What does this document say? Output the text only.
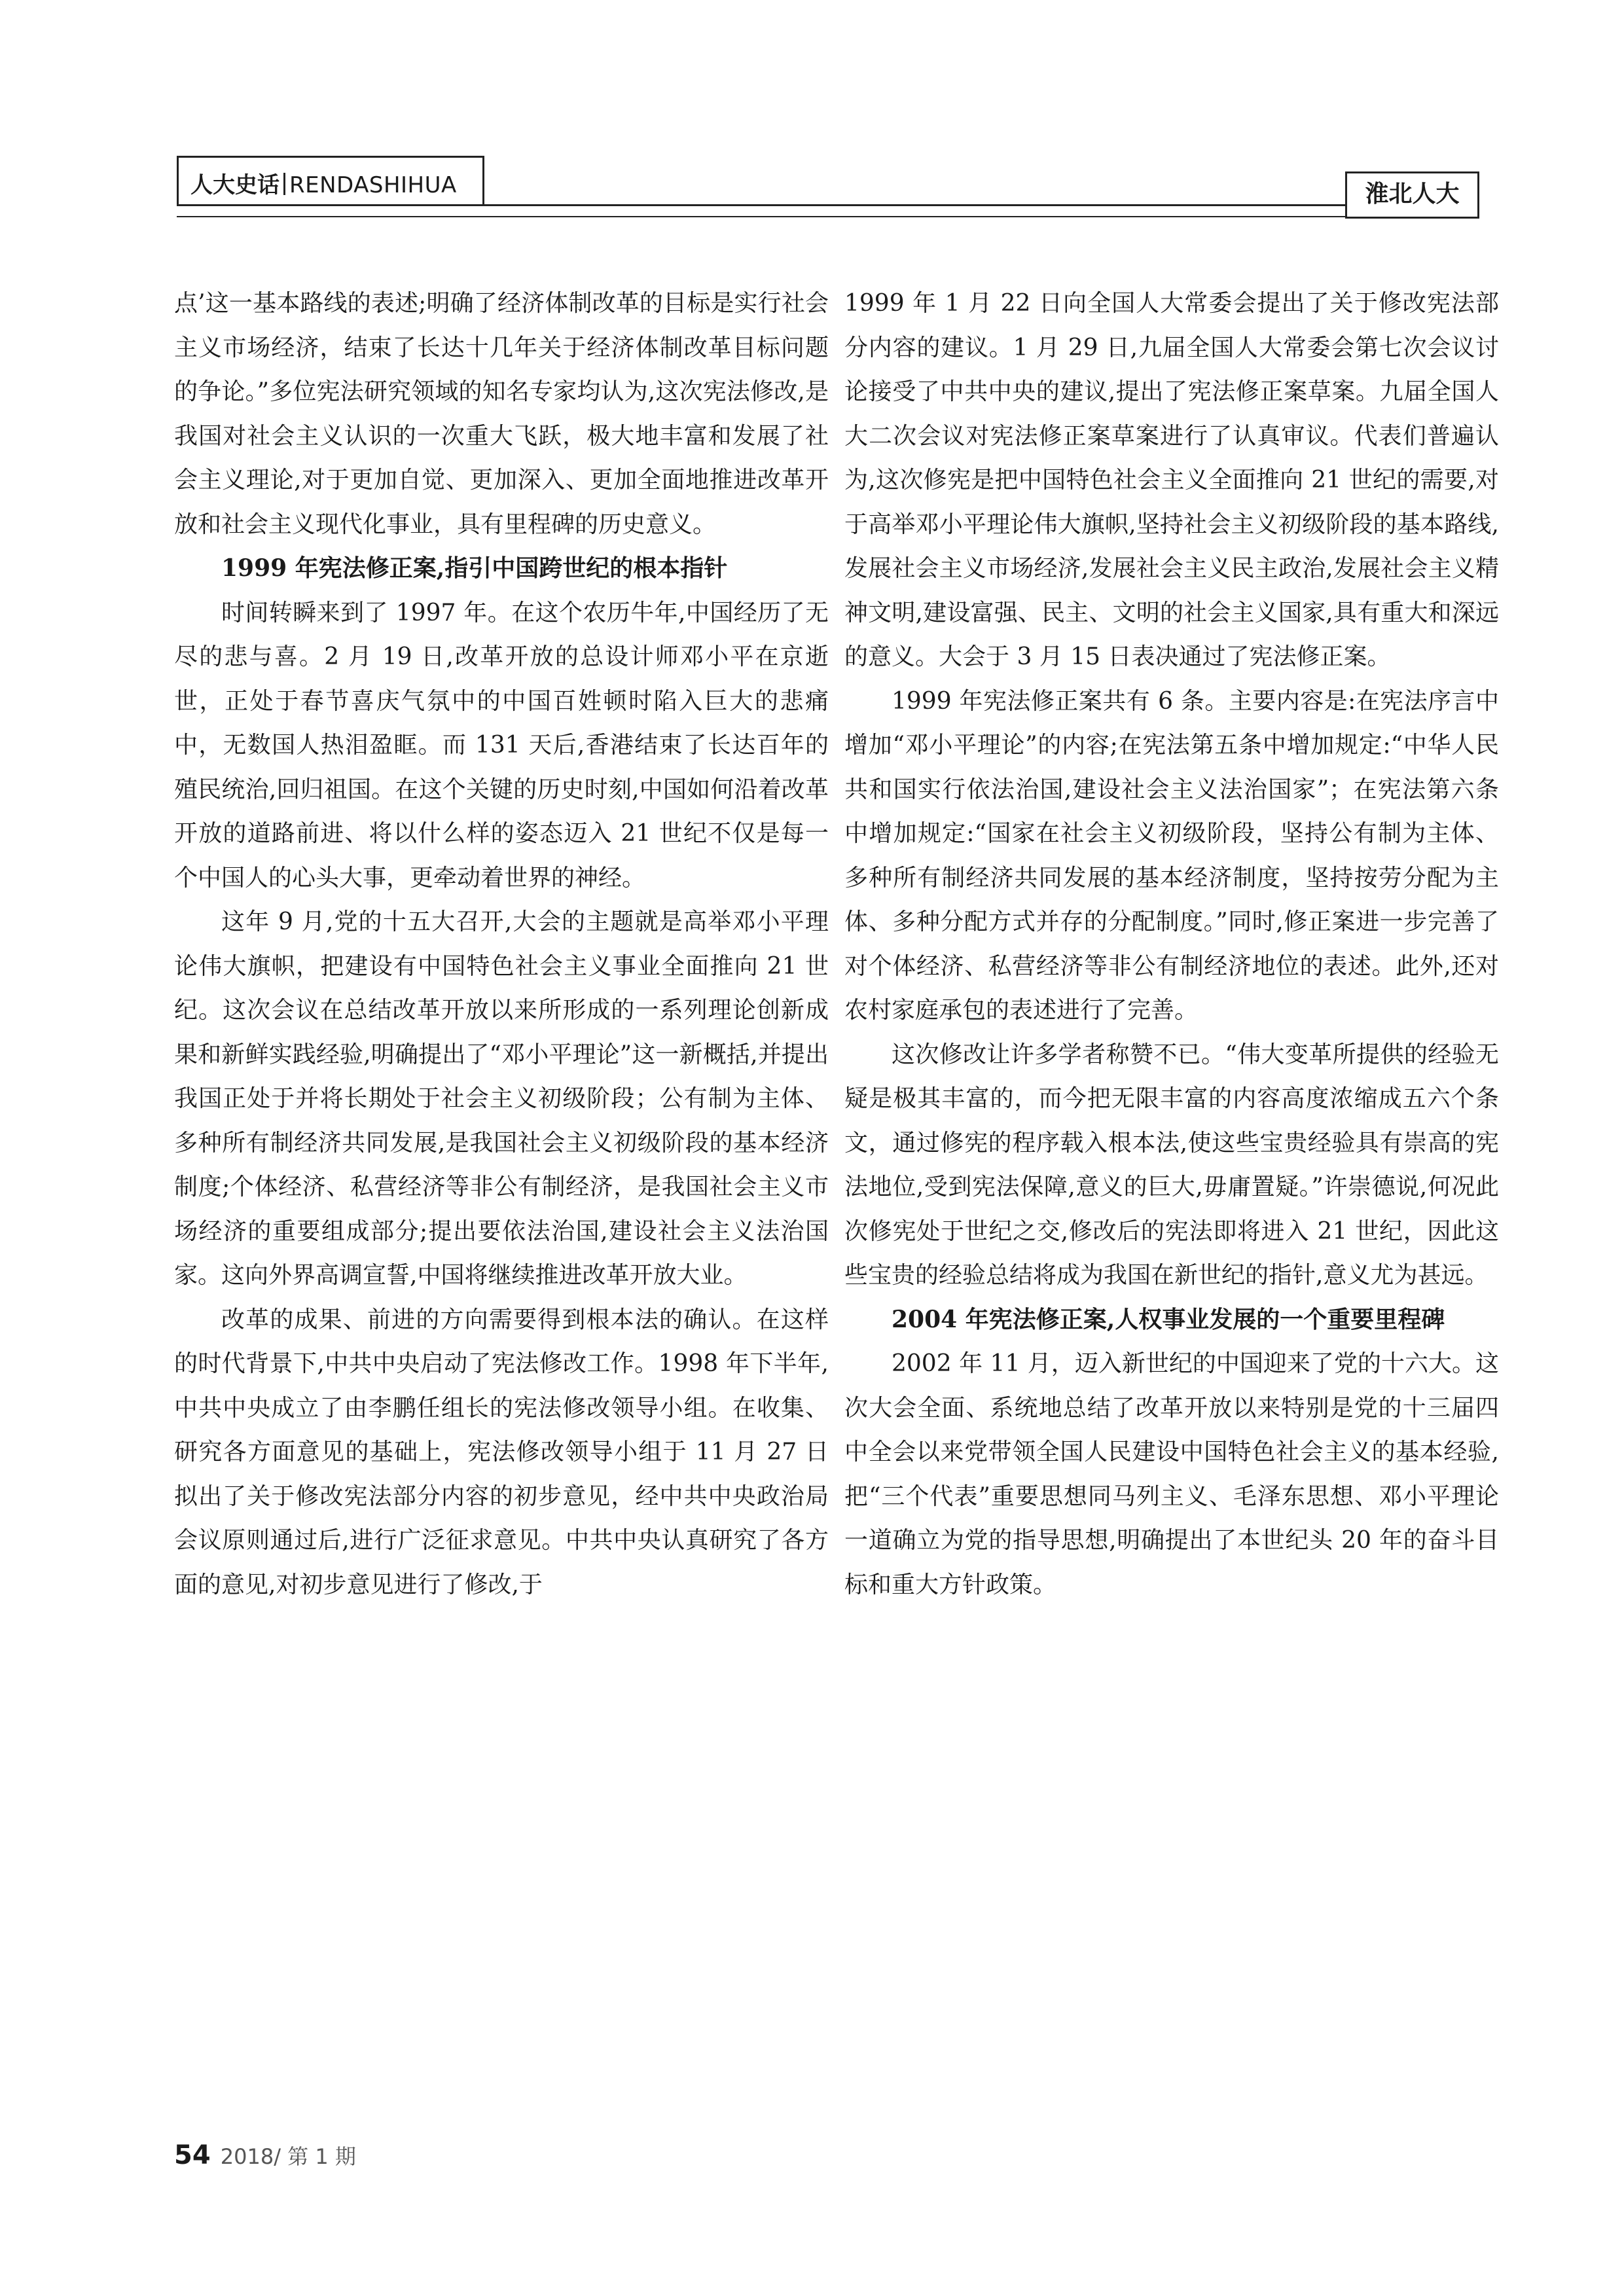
人大史话 RENDASHIHUA	淮北人大

点’这一基本路线的表述;明确了经济体制改革的目标是实行社会主义市场经济，结束了长达十几年关于经济体制改革目标问题的争论。”多位宪法研究领域的知名专家均认为,这次宪法修改,是我国对社会主义认识的一次重大飞跃，极大地丰富和发展了社会主义理论,对于更加自觉、更加深入、更加全面地推进改革开放和社会主义现代化事业，具有里程碑的历史意义。

1999 年宪法修正案,指引中国跨世纪的根本指针

时间转瞬来到了 1997 年。在这个农历牛年,中国经历了无尽的悲与喜。2 月 19 日,改革开放的总设计师邓小平在京逝世，正处于春节喜庆气氛中的中国百姓顿时陷入巨大的悲痛中，无数国人热泪盈眶。而 131 天后,香港结束了长达百年的殖民统治,回归祖国。在这个关键的历史时刻,中国如何沿着改革开放的道路前进、将以什么样的姿态迈入 21 世纪不仅是每一个中国人的心头大事，更牵动着世界的神经。

这年 9 月,党的十五大召开,大会的主题就是高举邓小平理论伟大旗帜，把建设有中国特色社会主义事业全面推向 21 世纪。这次会议在总结改革开放以来所形成的一系列理论创新成果和新鲜实践经验,明确提出了“邓小平理论”这一新概括,并提出我国正处于并将长期处于社会主义初级阶段；公有制为主体、多种所有制经济共同发展,是我国社会主义初级阶段的基本经济制度;个体经济、私营经济等非公有制经济，是我国社会主义市场经济的重要组成部分;提出要依法治国,建设社会主义法治国家。这向外界高调宣誓,中国将继续推进改革开放大业。

改革的成果、前进的方向需要得到根本法的确认。在这样的时代背景下,中共中央启动了宪法修改工作。1998 年下半年,中共中央成立了由李鹏任组长的宪法修改领导小组。在收集、研究各方面意见的基础上，宪法修改领导小组于 11 月 27 日拟出了关于修改宪法部分内容的初步意见，经中共中央政治局会议原则通过后,进行广泛征求意见。中共中央认真研究了各方面的意见,对初步意见进行了修改,于

1999 年 1 月 22 日向全国人大常委会提出了关于修改宪法部分内容的建议。1 月 29 日,九届全国人大常委会第七次会议讨论接受了中共中央的建议,提出了宪法修正案草案。九届全国人大二次会议对宪法修正案草案进行了认真审议。代表们普遍认为,这次修宪是把中国特色社会主义全面推向 21 世纪的需要,对于高举邓小平理论伟大旗帜,坚持社会主义初级阶段的基本路线,发展社会主义市场经济,发展社会主义民主政治,发展社会主义精神文明,建设富强、民主、文明的社会主义国家,具有重大和深远的意义。大会于 3 月 15 日表决通过了宪法修正案。

1999 年宪法修正案共有 6 条。主要内容是:在宪法序言中增加“邓小平理论”的内容;在宪法第五条中增加规定:“中华人民共和国实行依法治国,建设社会主义法治国家”；在宪法第六条中增加规定:“国家在社会主义初级阶段，坚持公有制为主体、多种所有制经济共同发展的基本经济制度，坚持按劳分配为主体、多种分配方式并存的分配制度。”同时,修正案进一步完善了对个体经济、私营经济等非公有制经济地位的表述。此外,还对农村家庭承包的表述进行了完善。

这次修改让许多学者称赞不已。“伟大变革所提供的经验无疑是极其丰富的，而今把无限丰富的内容高度浓缩成五六个条文，通过修宪的程序载入根本法,使这些宝贵经验具有崇高的宪法地位,受到宪法保障,意义的巨大,毋庸置疑。”许崇德说,何况此次修宪处于世纪之交,修改后的宪法即将进入 21 世纪，因此这些宝贵的经验总结将成为我国在新世纪的指针,意义尤为甚远。

2004 年宪法修正案,人权事业发展的一个重要里程碑

2002 年 11 月，迈入新世纪的中国迎来了党的十六大。这次大会全面、系统地总结了改革开放以来特别是党的十三届四中全会以来党带领全国人民建设中国特色社会主义的基本经验,把“三个代表”重要思想同马列主义、毛泽东思想、邓小平理论一道确立为党的指导思想,明确提出了本世纪头 20 年的奋斗目标和重大方针政策。

54 2018/ 第 1 期
